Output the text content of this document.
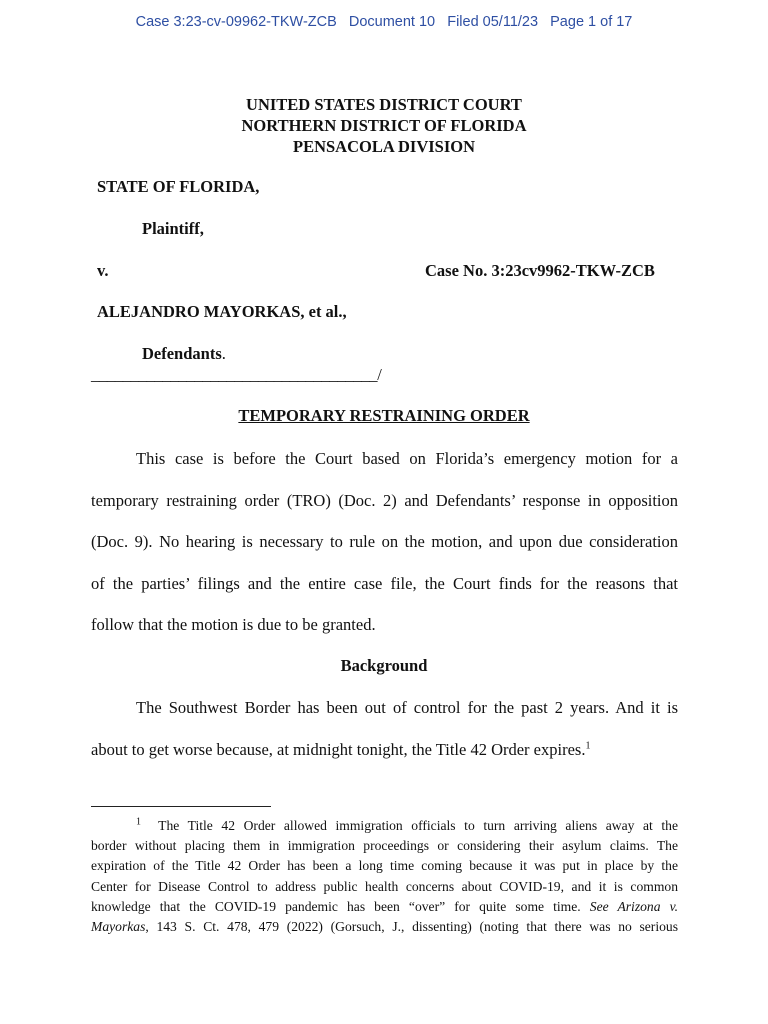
Case 3:23-cv-09962-TKW-ZCB Document 10 Filed 05/11/23 Page 1 of 17
UNITED STATES DISTRICT COURT
NORTHERN DISTRICT OF FLORIDA
PENSACOLA DIVISION
STATE OF FLORIDA,
Plaintiff,
v.	Case No. 3:23cv9962-TKW-ZCB
ALEJANDRO MAYORKAS, et al.,
Defendants.
____________________________________/
TEMPORARY RESTRAINING ORDER
This case is before the Court based on Florida’s emergency motion for a
temporary restraining order (TRO) (Doc. 2) and Defendants’ response in opposition
(Doc. 9). No hearing is necessary to rule on the motion, and upon due consideration
of the parties’ filings and the entire case file, the Court finds for the reasons that
follow that the motion is due to be granted.
Background
The Southwest Border has been out of control for the past 2 years. And it is
about to get worse because, at midnight tonight, the Title 42 Order expires.$^1$
$^1$ The Title 42 Order allowed immigration officials to turn arriving aliens away at the
border without placing them in immigration proceedings or considering their asylum claims. The
expiration of the Title 42 Order has been a long time coming because it was put in place by the
Center for Disease Control to address public health concerns about COVID-19, and it is common
knowledge that the COVID-19 pandemic has been “over” for quite some time. See Arizona v.
Mayorkas, 143 S. Ct. 478, 479 (2022) (Gorsuch, J., dissenting) (noting that there was no serious
